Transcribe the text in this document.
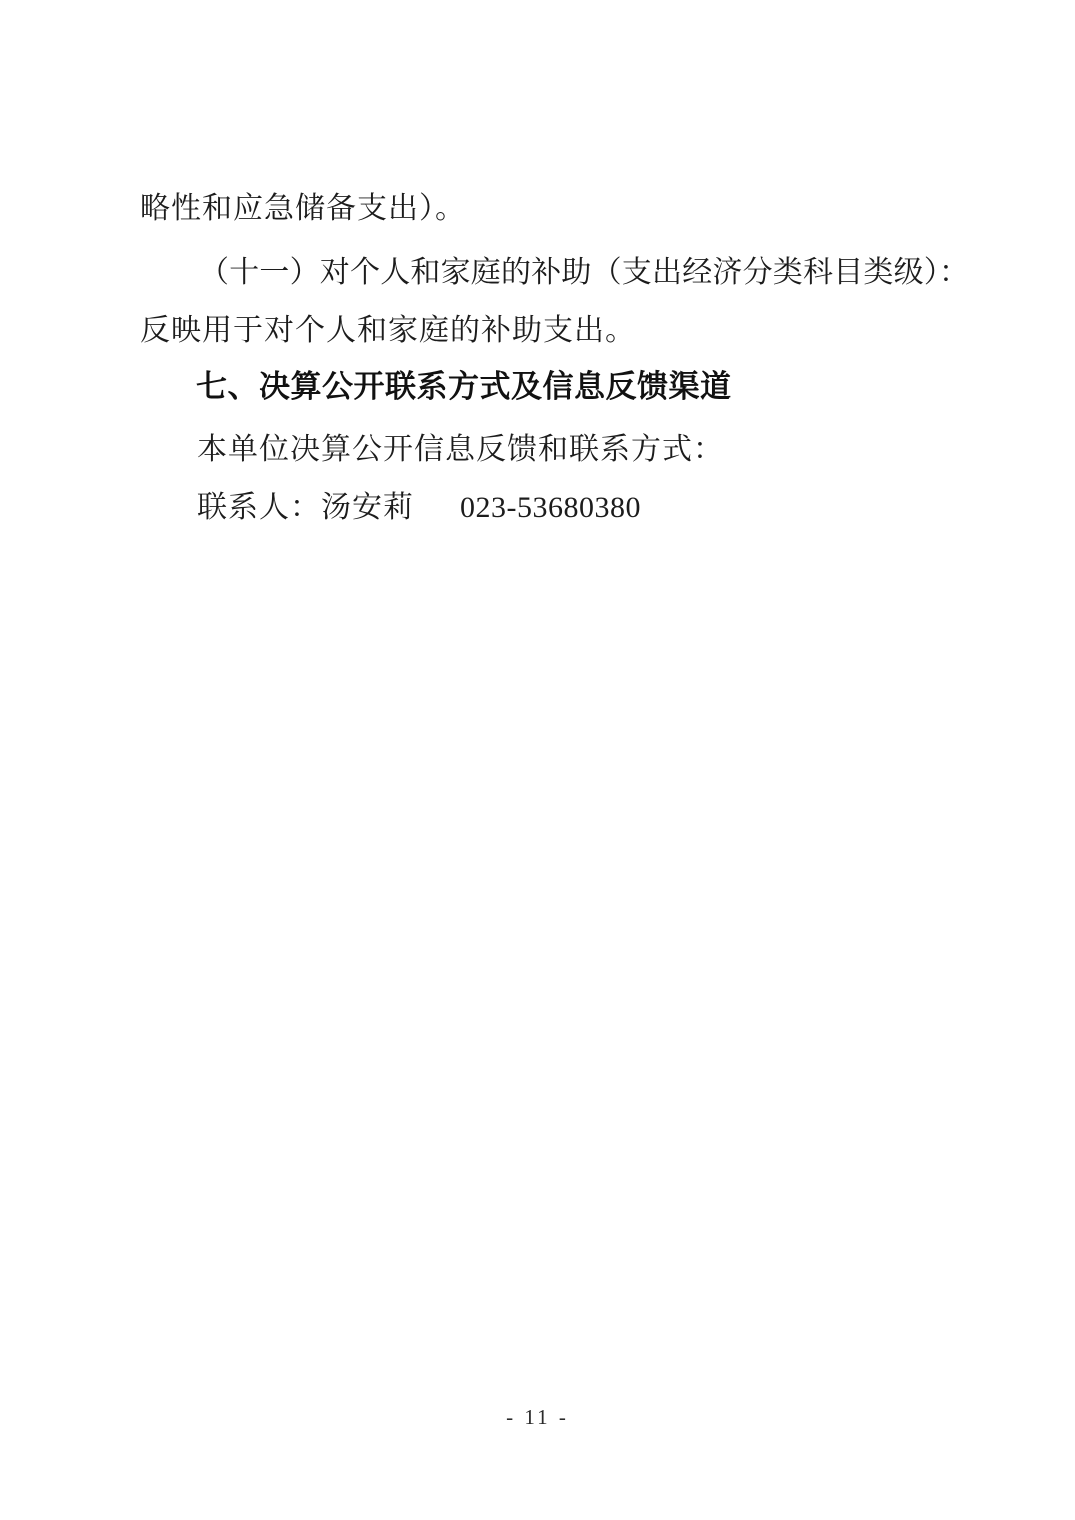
略性和应急储备支出）。
（十一）对个人和家庭的补助（支出经济分类科目类级）：
反映用于对个人和家庭的补助支出。
七、决算公开联系方式及信息反馈渠道
本单位决算公开信息反馈和联系方式：
联系人：汤安莉 023-53680380
- 11 -
